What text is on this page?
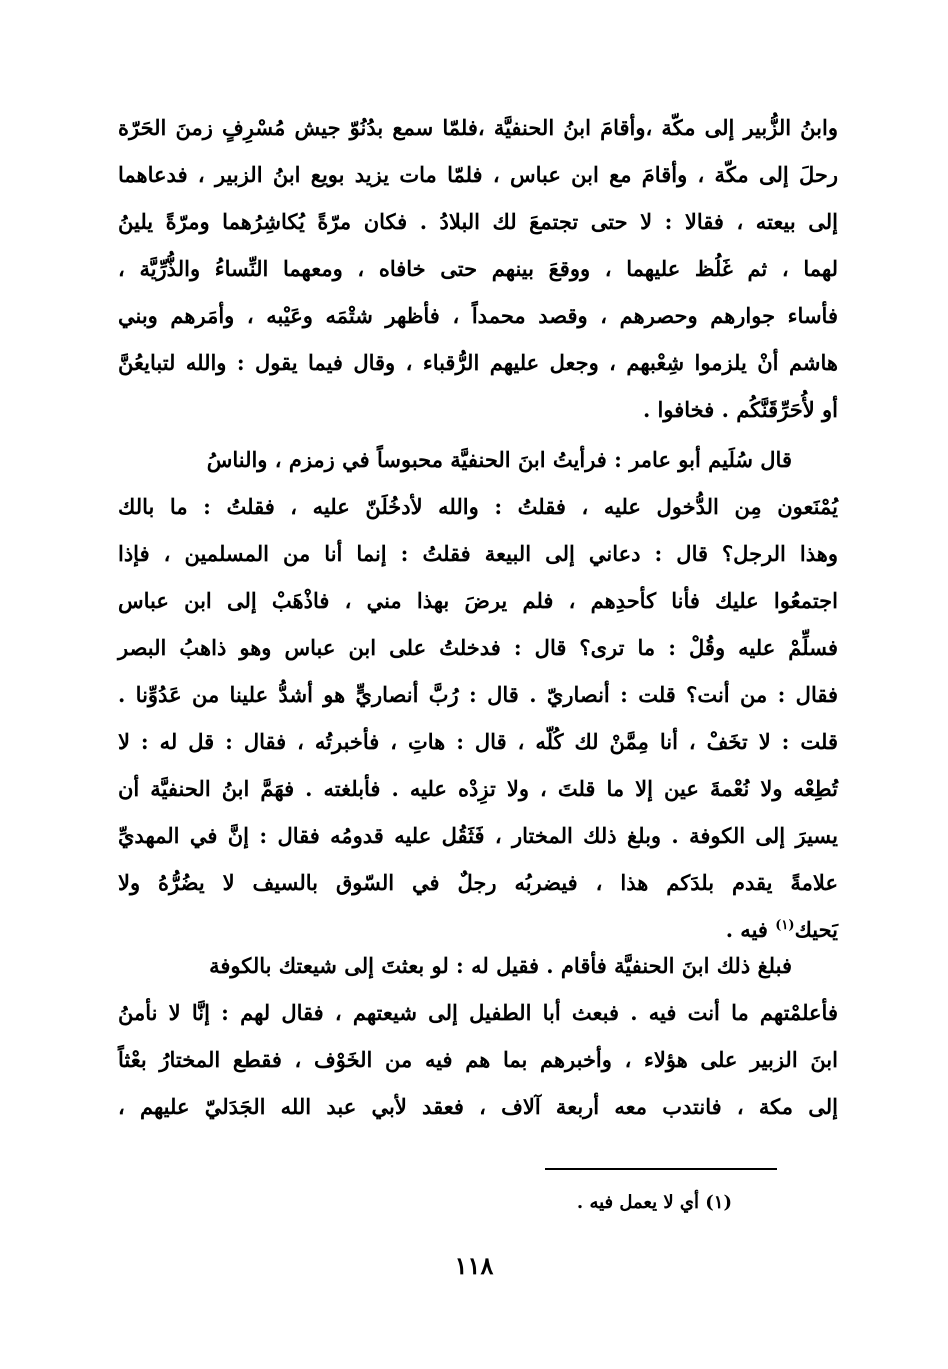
وابنُ الزُّبير إلى مكّة ،وأقامَ ابنُ الحنفيَّة ،فلمّا سمع بدُنُوّ جيش مُسْرِفٍ زمنَ الحَرّة

رحلَ إلى مكّة ، وأقامَ مع ابن عباس ، فلمّا مات يزيد بويع ابنُ الزبير ، فدعاهما

إلى بيعته ، فقالا : لا حتى تجتمعَ لك البلادُ . فكان مرّةً يُكاشِرُهما ومرّةً يلينُ

لهما ، ثم غَلُظ عليهما ، ووقعَ بينهم حتى خافاه ، ومعهما النِّساءُ والذُّرِّيَّة ،

فأساء جوارهم وحصرهم ، وقصد محمداً ، فأظهر شتْمَه وعَيْبه ، وأمَرهم وبني

هاشم أنْ يلزموا شِعْبهم ، وجعل عليهم الرُّقباء ، وقال فيما يقول : والله لتبايعُنَّ

أو لأُحَرِّقَنَّكُم . فخافوا .

قال سُلَيم أبو عامر : فرأيتُ ابنَ الحنفيَّة محبوساً في زمزم ، والناسُ

يُمْنَعون مِن الدُّخول عليه ، فقلتُ : والله لأدخُلَنّ عليه ، فقلتُ : ما بالك

وهذا الرجل؟ قال : دعاني إلى البيعة فقلتُ : إنما أنا من المسلمين ، فإذا

اجتمعُوا عليك فأنا كأحدِهم ، فلم يرضَ بهذا مني ، فاذْهَبْ إلى ابن عباس

فسلِّمْ عليه وقُلْ : ما ترى؟ قال : فدخلتُ على ابن عباس وهو ذاهبُ البصر

فقال : من أنت؟ قلت : أنصاريّ . قال : رُبَّ أنصاريٍّ هو أشدُّ علينا من عَدُوِّنا .

قلت : لا تخَفْ ، أنا مِمَّنْ لك كُلّه ، قال : هاتِ ، فأخبرتُه ، فقال : قل له : لا

تُطِعْه ولا نُعْمةَ عين إلا ما قلتَ ، ولا تزِدْه عليه . فأبلغته . فهَمَّ ابنُ الحنفيَّة أن

يسيرَ إلى الكوفة . وبلغ ذلك المختار ، فَثَقُل عليه قدومُه فقال : إنَّ في المهديِّ

علامةً يقدم بلدَكم هذا ، فيضربُه رجلٌ في السّوق بالسيف لا يضُرُّهُ ولا

يَحيك$^{(١)}$ فيه .

فبلغ ذلك ابنَ الحنفيَّة فأقام . فقيل له : لو بعثتَ إلى شيعتك بالكوفة

فأعلمْتهم ما أنت فيه . فبعث أبا الطفيل إلى شيعتهم ، فقال لهم : إنَّا لا نأمنُ

ابنَ الزبير على هؤلاء ، وأخبرهم بما هم فيه من الخَوْف ، فقطع المختارُ بعْثاً

إلى مكة ، فانتدب معه أربعة آلاف ، فعقد لأبي عبد الله الجَدَليّ عليهم ،

(١) أي لا يعمل فيه .
١١٨
